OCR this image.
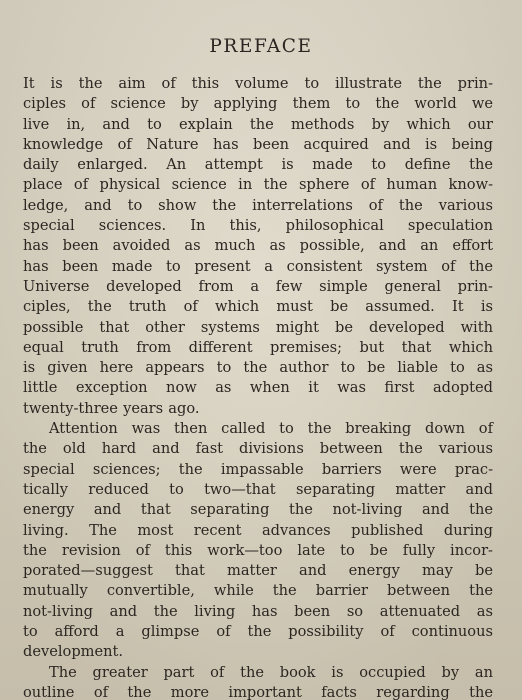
PREFACE
It is the aim of this volume to illustrate the prin-
ciples of science by applying them to the world we
live in, and to explain the methods by which our
knowledge of Nature has been acquired and is being
daily enlarged. An attempt is made to define the
place of physical science in the sphere of human know-
ledge, and to show the interrelations of the various
special sciences. In this, philosophical speculation
has been avoided as much as possible, and an effort
has been made to present a consistent system of the
Universe developed from a few simple general prin-
ciples, the truth of which must be assumed. It is
possible that other systems might be developed with
equal truth from different premises; but that which
is given here appears to the author to be liable to as
little exception now as when it was first adopted
twenty-three years ago.
Attention was then called to the breaking down of
the old hard and fast divisions between the various
special sciences; the impassable barriers were prac-
tically reduced to two—that separating matter and
energy and that separating the not-living and the
living. The most recent advances published during
the revision of this work—too late to be fully incor-
porated—suggest that matter and energy may be
mutually convertible, while the barrier between the
not-living and the living has been so attenuated as
to afford a glimpse of the possibility of continuous
development.
The greater part of the book is occupied by an
outline of the more important facts regarding the
